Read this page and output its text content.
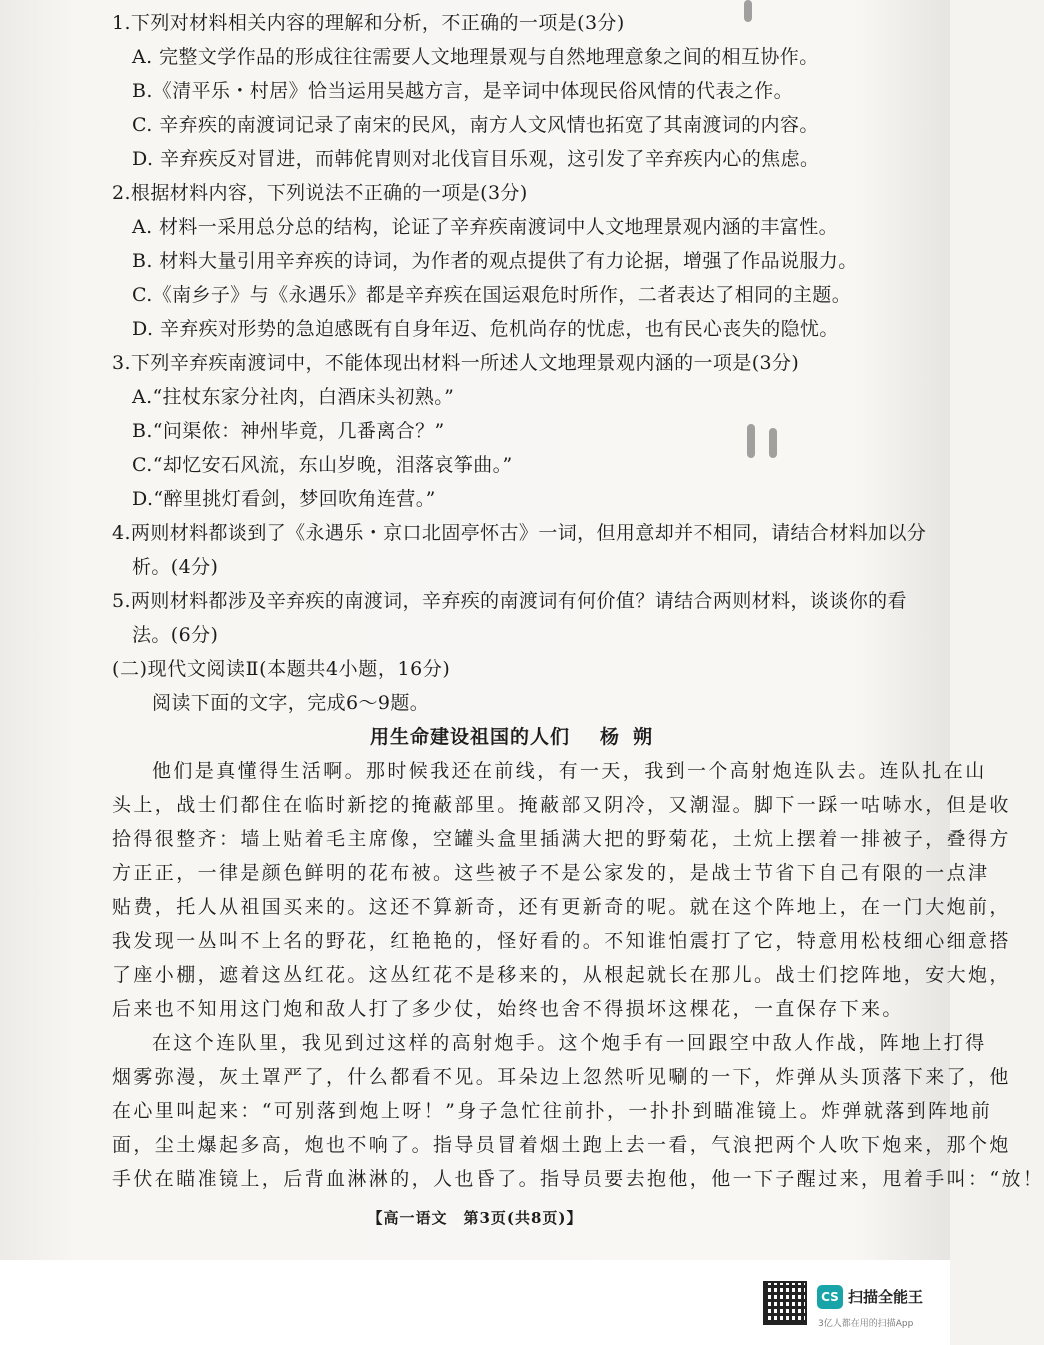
1.下列对材料相关内容的理解和分析，不正确的一项是(3分)
A. 完整文学作品的形成往往需要人文地理景观与自然地理意象之间的相互协作。
B.《清平乐・村居》恰当运用吴越方言，是辛词中体现民俗风情的代表之作。
C. 辛弃疾的南渡词记录了南宋的民风，南方人文风情也拓宽了其南渡词的内容。
D. 辛弃疾反对冒进，而韩侂胄则对北伐盲目乐观，这引发了辛弃疾内心的焦虑。
2.根据材料内容，下列说法不正确的一项是(3分)
A. 材料一采用总分总的结构，论证了辛弃疾南渡词中人文地理景观内涵的丰富性。
B. 材料大量引用辛弃疾的诗词，为作者的观点提供了有力论据，增强了作品说服力。
C.《南乡子》与《永遇乐》都是辛弃疾在国运艰危时所作，二者表达了相同的主题。
D. 辛弃疾对形势的急迫感既有自身年迈、危机尚存的忧虑，也有民心丧失的隐忧。
3.下列辛弃疾南渡词中，不能体现出材料一所述人文地理景观内涵的一项是(3分)
A.“拄杖东家分社肉，白酒床头初熟。”
B.“问渠侬：神州毕竟，几番离合？”
C.“却忆安石风流，东山岁晚，泪落哀筝曲。”
D.“醉里挑灯看剑，梦回吹角连营。”
4.两则材料都谈到了《永遇乐・京口北固亭怀古》一词，但用意却并不相同，请结合材料加以分
析。(4分)
5.两则材料都涉及辛弃疾的南渡词，辛弃疾的南渡词有何价值？请结合两则材料，谈谈你的看
法。(6分)
(二)现代文阅读Ⅱ(本题共4小题，16分)
阅读下面的文字，完成6～9题。
用生命建设祖国的人们 杨朔
他们是真懂得生活啊。那时候我还在前线，有一天，我到一个高射炮连队去。连队扎在山
头上，战士们都住在临时新挖的掩蔽部里。掩蔽部又阴冷，又潮湿。脚下一踩一咕哧水，但是收
拾得很整齐：墙上贴着毛主席像，空罐头盒里插满大把的野菊花，土炕上摆着一排被子，叠得方
方正正，一律是颜色鲜明的花布被。这些被子不是公家发的，是战士节省下自己有限的一点津
贴费，托人从祖国买来的。这还不算新奇，还有更新奇的呢。就在这个阵地上，在一门大炮前，
我发现一丛叫不上名的野花，红艳艳的，怪好看的。不知谁怕震打了它，特意用松枝细心细意搭
了座小棚，遮着这丛红花。这丛红花不是移来的，从根起就长在那儿。战士们挖阵地，安大炮，
后来也不知用这门炮和敌人打了多少仗，始终也舍不得损坏这棵花，一直保存下来。
在这个连队里，我见到过这样的高射炮手。这个炮手有一回跟空中敌人作战，阵地上打得
烟雾弥漫，灰土罩严了，什么都看不见。耳朵边上忽然听见唰的一下，炸弹从头顶落下来了，他
在心里叫起来：“可别落到炮上呀！”身子急忙往前扑，一扑扑到瞄准镜上。炸弹就落到阵地前
面，尘土爆起多高，炮也不响了。指导员冒着烟土跑上去一看，气浪把两个人吹下炮来，那个炮
手伏在瞄准镜上，后背血淋淋的，人也昏了。指导员要去抱他，他一下子醒过来，甩着手叫：“放！
【高一语文　第3页(共8页)】
CS 扫描全能王
3亿人都在用的扫描App
